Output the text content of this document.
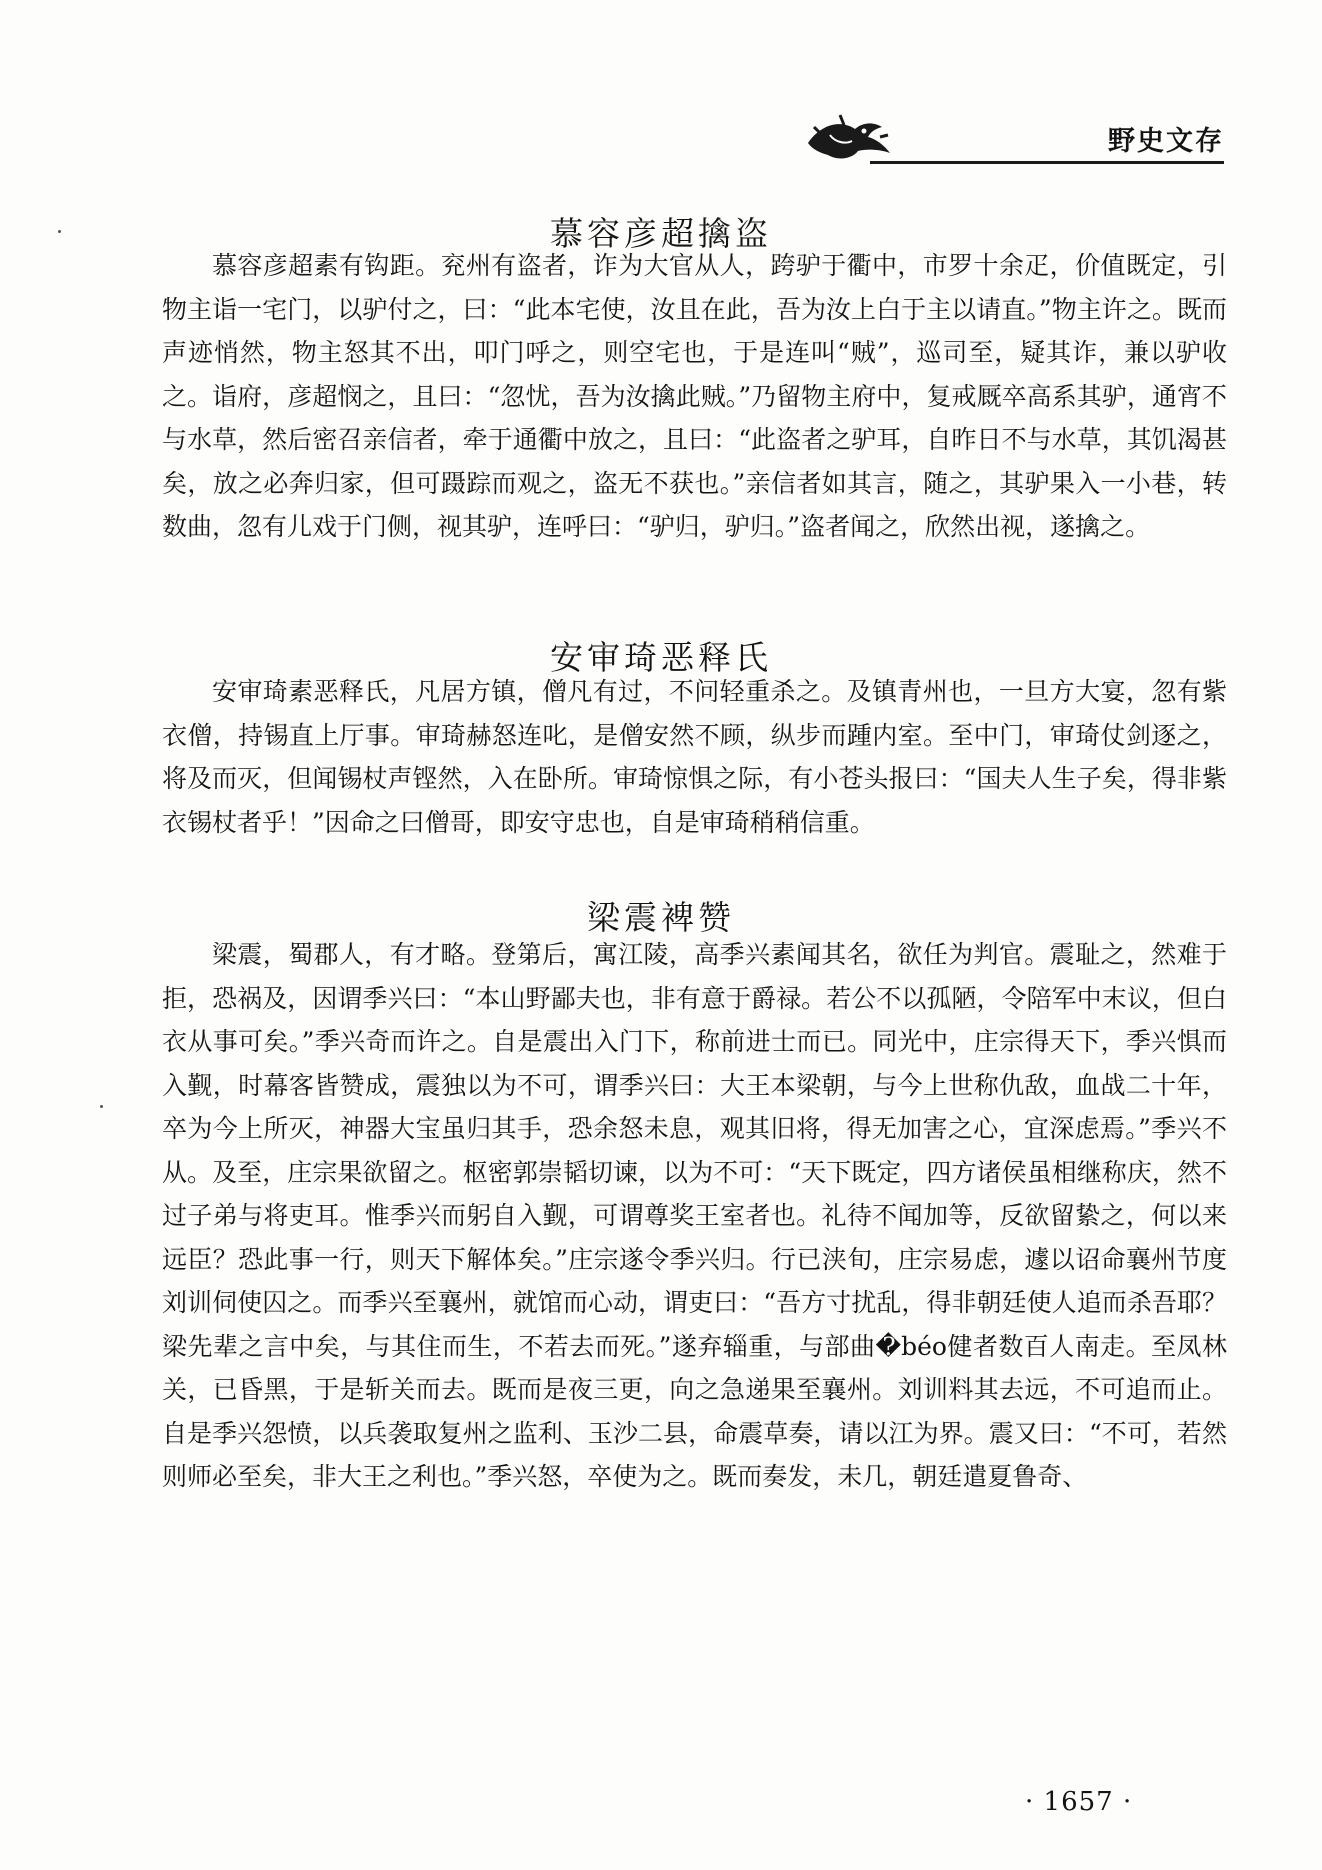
野史文存
慕容彦超擒盗

慕容彦超素有钩距。兖州有盗者，诈为大官从人，跨驴于衢中，市罗十余疋，价值既定，引物主诣一宅门，以驴付之，曰：“此本宅使，汝且在此，吾为汝上白于主以请直。”物主许之。既而声迹悄然，物主怒其不出，叩门呼之，则空宅也，于是连叫“贼”，巡司至，疑其诈，兼以驴收之。诣府，彦超悯之，且曰：“忽忧，吾为汝擒此贼。”乃留物主府中，复戒厩卒高系其驴，通宵不与水草，然后密召亲信者，牵于通衢中放之，且曰：“此盗者之驴耳，自昨日不与水草，其饥渴甚矣，放之必奔归家，但可蹑踪而观之，盗无不获也。”亲信者如其言，随之，其驴果入一小巷，转数曲，忽有儿戏于门侧，视其驴，连呼曰：“驴归，驴归。”盗者闻之，欣然出视，遂擒之。

安审琦恶释氏

安审琦素恶释氏，凡居方镇，僧凡有过，不问轻重杀之。及镇青州也，一旦方大宴，忽有紫衣僧，持锡直上厅事。审琦赫怒连叱，是僧安然不顾，纵步而踵内室。至中门，审琦仗剑逐之，将及而灭，但闻锡杖声铿然，入在卧所。审琦惊惧之际，有小苍头报曰：“国夫人生子矣，得非紫衣锡杖者乎！”因命之曰僧哥，即安守忠也，自是审琦稍稍信重。

梁震裨赞

梁震，蜀郡人，有才略。登第后，寓江陵，高季兴素闻其名，欲任为判官。震耻之，然难于拒，恐祸及，因谓季兴曰：“本山野鄙夫也，非有意于爵禄。若公不以孤陋，令陪军中末议，但白衣从事可矣。”季兴奇而许之。自是震出入门下，称前进士而已。同光中，庄宗得天下，季兴惧而入觐，时幕客皆赞成，震独以为不可，谓季兴曰：大王本梁朝，与今上世称仇敌，血战二十年，卒为今上所灭，神器大宝虽归其手，恐余怒未息，观其旧将，得无加害之心，宜深虑焉。”季兴不从。及至，庄宗果欲留之。枢密郭崇韬切谏，以为不可：“天下既定，四方诸侯虽相继称庆，然不过子弟与将吏耳。惟季兴而躬自入觐，可谓尊奖王室者也。礼待不闻加等，反欲留絷之，何以来远臣？恐此事一行，则天下解体矣。”庄宗遂令季兴归。行已浃旬，庄宗易虑，遽以诏命襄州节度刘训伺使囚之。而季兴至襄州，就馆而心动，谓吏曰：“吾方寸扰乱，得非朝廷使人追而杀吾耶？梁先辈之言中矣，与其住而生，不若去而死。”遂弃辎重，与部曲�béo健者数百人南走。至凤林关，已昏黑，于是斩关而去。既而是夜三更，向之急递果至襄州。刘训料其去远，不可追而止。自是季兴怨愤，以兵袭取复州之监利、玉沙二县，命震草奏，请以江为界。震又曰：“不可，若然则师必至矣，非大王之利也。”季兴怒，卒使为之。既而奏发，未几，朝廷遣夏鲁奇、

· 1657 ·
